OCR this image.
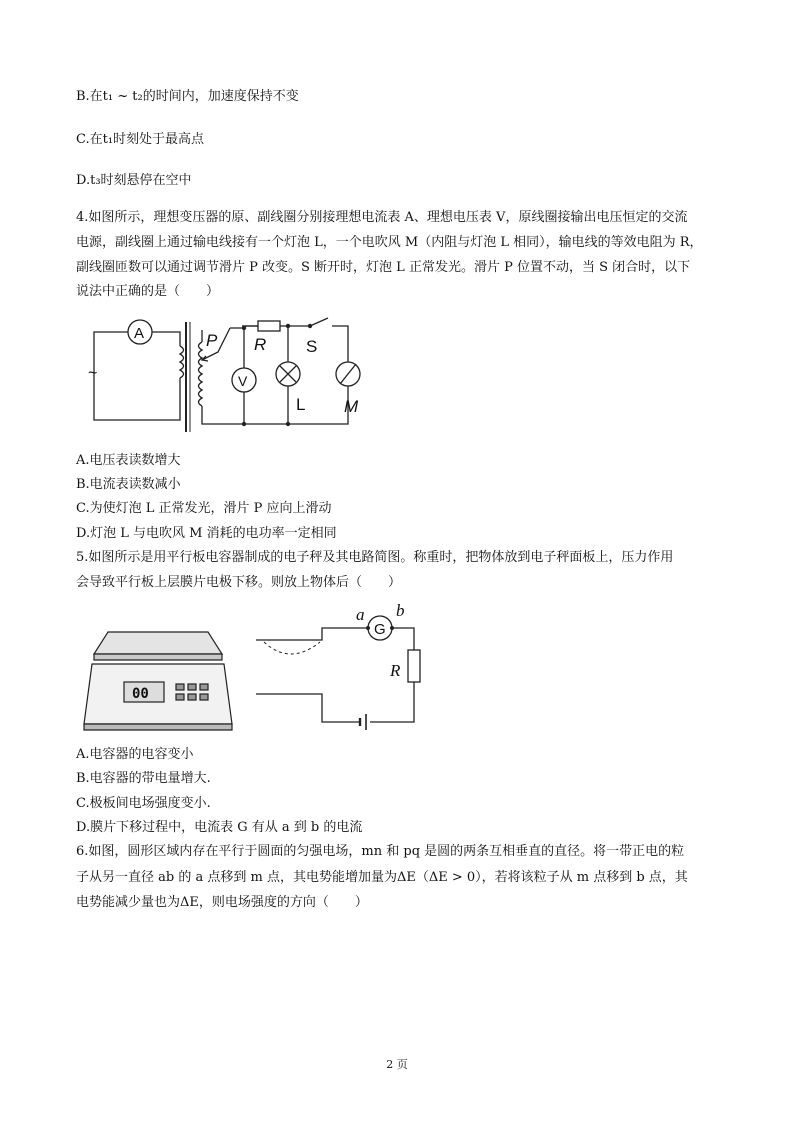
B.在t₁ ~ t₂的时间内，加速度保持不变
C.在t₁时刻处于最高点
D.t₃时刻悬停在空中
4.如图所示，理想变压器的原、副线圈分别接理想电流表 A、理想电压表 V，原线圈接输出电压恒定的交流
电源，副线圈上通过输电线接有一个灯泡 L，一个电吹风 M（内阻与灯泡 L 相同），输电线的等效电阻为 R，
副线圈匝数可以通过调节滑片 P 改变。S 断开时，灯泡 L 正常发光。滑片 P 位置不动，当 S 闭合时，以下
说法中正确的是（　　）
~
A	P R S
V
L M
A.电压表读数增大
B.电流表读数减小
C.为使灯泡 L 正常发光，滑片 P 应向上滑动
D.灯泡 L 与电吹风 M 消耗的电功率一定相同
5.如图所示是用平行板电容器制成的电子秤及其电路简图。称重时，把物体放到电子秤面板上，压力作用
会导致平行板上层膜片电极下移。则放上物体后（　　）
00
a b
R
G
A.电容器的电容变小
B.电容器的带电量增大.
C.极板间电场强度变小.
D.膜片下移过程中，电流表 G 有从 a 到 b 的电流
6.如图，圆形区域内存在平行于圆面的匀强电场，mn 和 pq 是圆的两条互相垂直的直径。将一带正电的粒
子从另一直径 ab 的 a 点移到 m 点，其电势能增加量为ΔE（ΔE > 0），若将该粒子从 m 点移到 b 点，其
电势能减少量也为ΔE，则电场强度的方向（　　）
2 页
